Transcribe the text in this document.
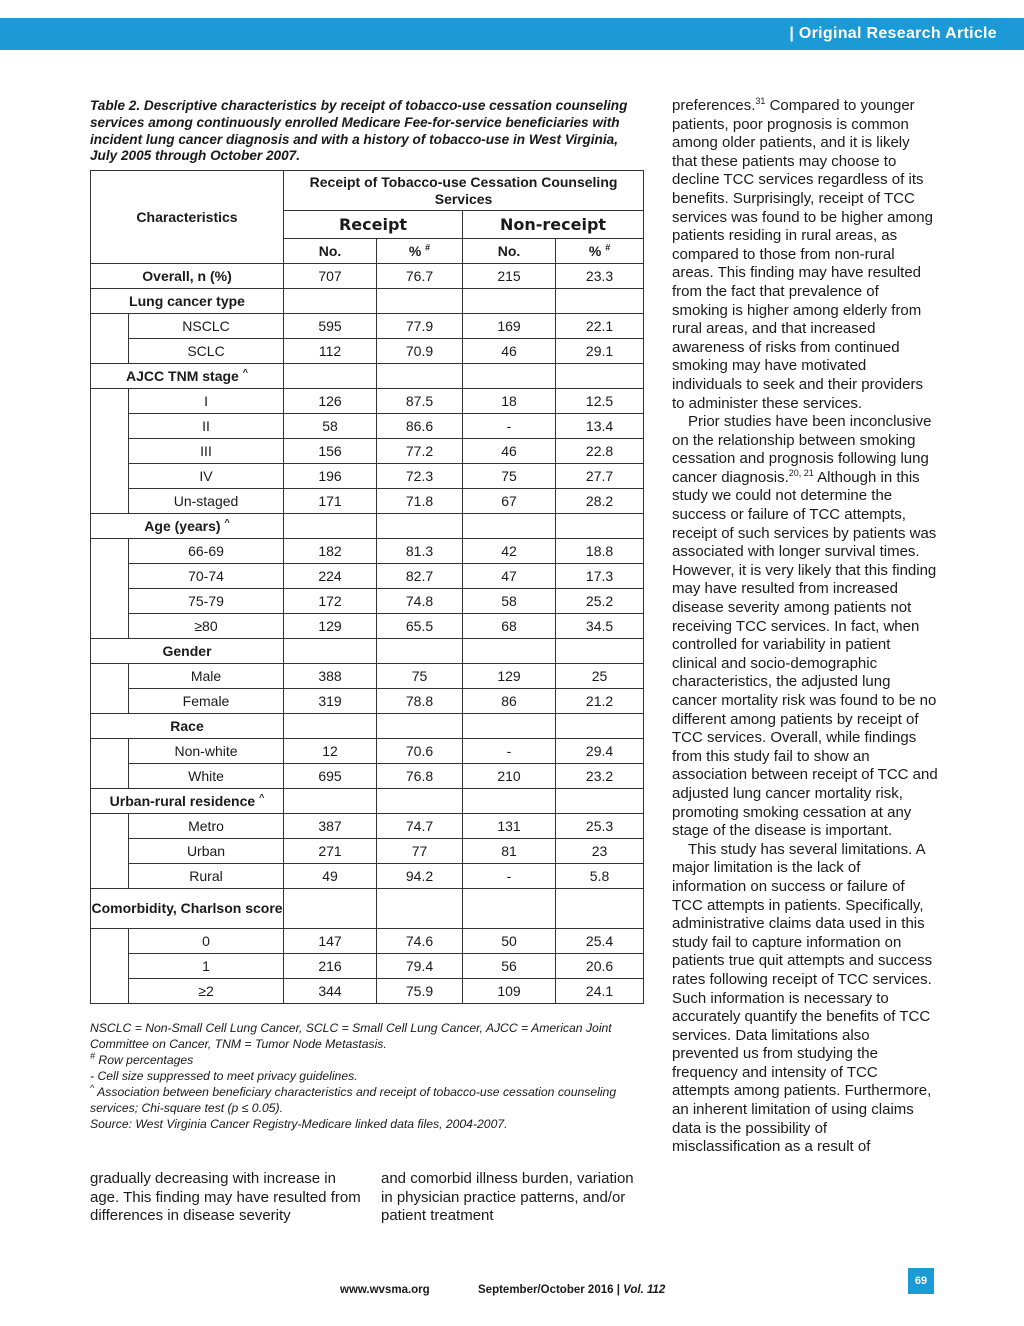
| Original Research Article
Table 2. Descriptive characteristics by receipt of tobacco-use cessation counseling services among continuously enrolled Medicare Fee-for-service beneficiaries with incident lung cancer diagnosis and with a history of tobacco-use in West Virginia, July 2005 through October 2007.
Characteristics		Receipt of Tobacco-use Cessation Counseling Services			
		Receipt		Non-receipt	
		No.	% #	No.	% #
Overall, n (%)		707	76.7	215	23.3
Lung cancer type					
	NSCLC	595	77.9	169	22.1
	SCLC	112	70.9	46	29.1
AJCC TNM stage ^				
	I	126	87.5	18	12.5
	II	58	86.6	-	13.4
	III	156	77.2	46	22.8
	IV	196	72.3	75	27.7
	Un-staged	171	71.8	67	28.2
Age (years) ^				
	66-69	182	81.3	42	18.8
	70-74	224	82.7	47	17.3
	75-79	172	74.8	58	25.2
	≥80	129	65.5	68	34.5
Gender					
	Male	388	75	129	25
	Female	319	78.8	86	21.2
Race					
	Non-white	12	70.6	-	29.4
	White	695	76.8	210	23.2
Urban-rural residence ^				
	Metro	387	74.7	131	25.3
	Urban	271	77	81	23
	Rural	49	94.2	-	5.8
Comorbidity, Charlson score					
	0	147	74.6	50	25.4
	1	216	79.4	56	20.6
	≥2	344	75.9	109	24.1
NSCLC = Non-Small Cell Lung Cancer, SCLC = Small Cell Lung Cancer, AJCC = American Joint Committee on Cancer, TNM = Tumor Node Metastasis.
# Row percentages
- Cell size suppressed to meet privacy guidelines.
^ Association between beneficiary characteristics and receipt of tobacco-use cessation counseling services; Chi-square test (p ≤ 0.05).
Source: West Virginia Cancer Registry-Medicare linked data files, 2004-2007.

gradually decreasing with increase in age. This finding may have resulted from differences in disease severity

and comorbid illness burden, variation in physician practice patterns, and/or patient treatment

preferences.$^{31}$ Compared to younger patients, poor prognosis is common among older patients, and it is likely that these patients may choose to decline TCC services regardless of its benefits. Surprisingly, receipt of TCC services was found to be higher among patients residing in rural areas, as compared to those from non-rural areas. This finding may have resulted from the fact that prevalence of smoking is higher among elderly from rural areas, and that increased awareness of risks from continued smoking may have motivated individuals to seek and their providers to administer these services.

Prior studies have been inconclusive on the relationship between smoking cessation and prognosis following lung cancer diagnosis.$^{20, 21}$ Although in this study we could not determine the success or failure of TCC attempts, receipt of such services by patients was associated with longer survival times. However, it is very likely that this finding may have resulted from increased disease severity among patients not receiving TCC services. In fact, when controlled for variability in patient clinical and socio-demographic characteristics, the adjusted lung cancer mortality risk was found to be no different among patients by receipt of TCC services. Overall, while findings from this study fail to show an association between receipt of TCC and adjusted lung cancer mortality risk, promoting smoking cessation at any stage of the disease is important.

This study has several limitations. A major limitation is the lack of information on success or failure of TCC attempts in patients. Specifically, administrative claims data used in this study fail to capture information on patients true quit attempts and success rates following receipt of TCC services. Such information is necessary to accurately quantify the benefits of TCC services. Data limitations also prevented us from studying the frequency and intensity of TCC attempts among patients. Furthermore, an inherent limitation of using claims data is the possibility of misclassification as a result of

www.wvsma.org	September/October 2016 | Vol. 112
69
